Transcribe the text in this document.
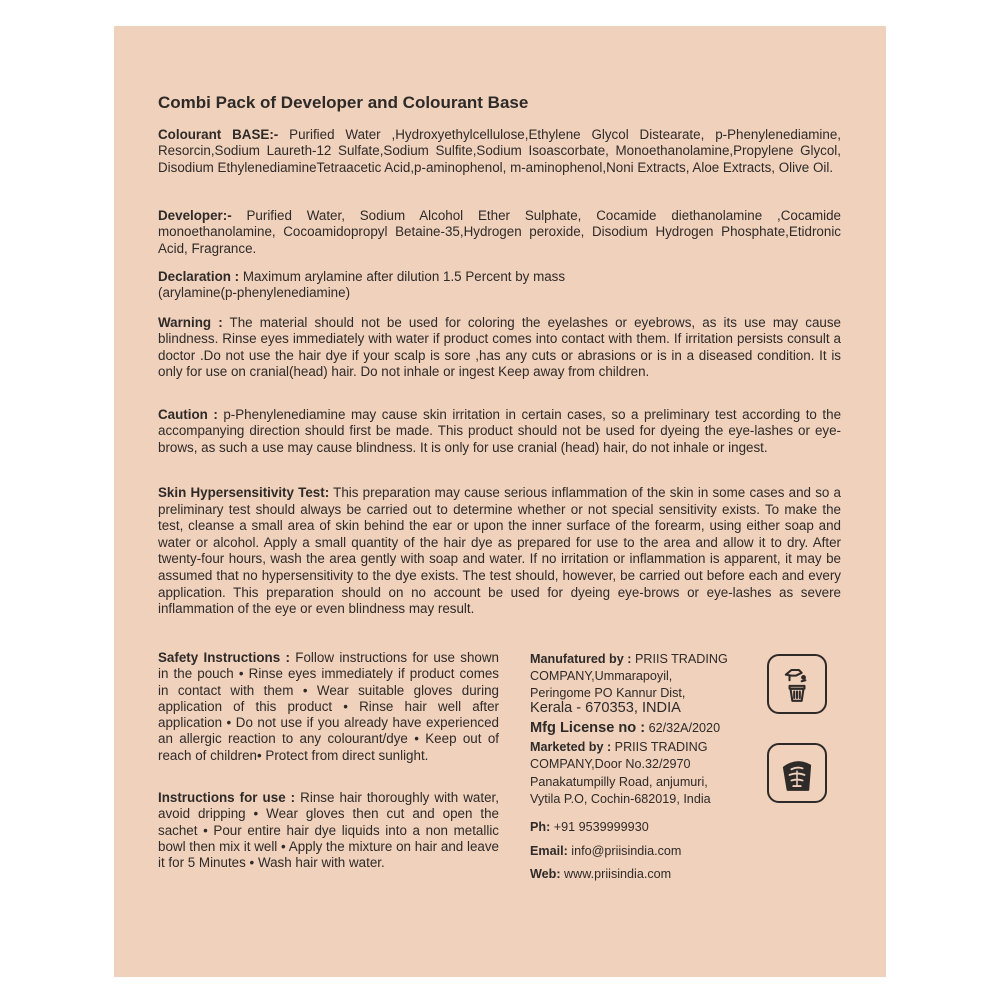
Combi Pack of Developer and Colourant Base
Colourant BASE:- Purified Water ,Hydroxyethylcellulose,Ethylene Glycol Distearate, p-Phenylenediamine, Resorcin,Sodium Laureth-12 Sulfate,Sodium Sulfite,Sodium Isoascorbate, Monoethanolamine,Propylene Glycol, Disodium EthylenediamineTetraacetic Acid,p-aminophenol, m-aminophenol,Noni Extracts, Aloe Extracts, Olive Oil.
Developer:- Purified Water, Sodium Alcohol Ether Sulphate, Cocamide diethanolamine ,Cocamide monoethanolamine, Cocoamidopropyl Betaine-35,Hydrogen peroxide, Disodium Hydrogen Phosphate,Etidronic Acid, Fragrance.
Declaration : Maximum arylamine after dilution 1.5 Percent by mass
(arylamine(p-phenylenediamine)
Warning : The material should not be used for coloring the eyelashes or eyebrows, as its use may cause blindness. Rinse eyes immediately with water if product comes into contact with them. If irritation persists consult a doctor .Do not use the hair dye if your scalp is sore ,has any cuts or abrasions or is in a diseased condition. It is only for use on cranial(head) hair. Do not inhale or ingest Keep away from children.
Caution : p-Phenylenediamine may cause skin irritation in certain cases, so a preliminary test according to the accompanying direction should first be made. This product should not be used for dyeing the eye-lashes or eye-brows, as such a use may cause blindness. It is only for use cranial (head) hair, do not inhale or ingest.
Skin Hypersensitivity Test: This preparation may cause serious inflammation of the skin in some cases and so a preliminary test should always be carried out to determine whether or not special sensitivity exists. To make the test, cleanse a small area of skin behind the ear or upon the inner surface of the forearm, using either soap and water or alcohol. Apply a small quantity of the hair dye as prepared for use to the area and allow it to dry. After twenty-four hours, wash the area gently with soap and water. If no irritation or inflammation is apparent, it may be assumed that no hypersensitivity to the dye exists. The test should, however, be carried out before each and every application. This preparation should on no account be used for dyeing eye-brows or eye-lashes as severe inflammation of the eye or even blindness may result.
Safety Instructions : Follow instructions for use shown in the pouch • Rinse eyes immediately if product comes in contact with them • Wear suitable gloves during application of this product • Rinse hair well after application • Do not use if you already have experienced an allergic reaction to any colourant/dye • Keep out of reach of children• Protect from direct sunlight.
Instructions for use : Rinse hair thoroughly with water, avoid dripping • Wear gloves then cut and open the sachet • Pour entire hair dye liquids into a non metallic bowl then mix it well • Apply the mixture on hair and leave it for 5 Minutes • Wash hair with water.
Manufatured by : PRIIS TRADING
COMPANY,Ummarapoyil,
Peringome PO Kannur Dist,
Kerala - 670353, INDIA
Mfg License no : 62/32A/2020
Marketed by : PRIIS TRADING
COMPANY,Door No.32/2970
Panakatumpilly Road, anjumuri,
Vytila P.O, Cochin-682019, India
Ph: +91 9539999930
Email: info@priisindia.com
Web: www.priisindia.com
